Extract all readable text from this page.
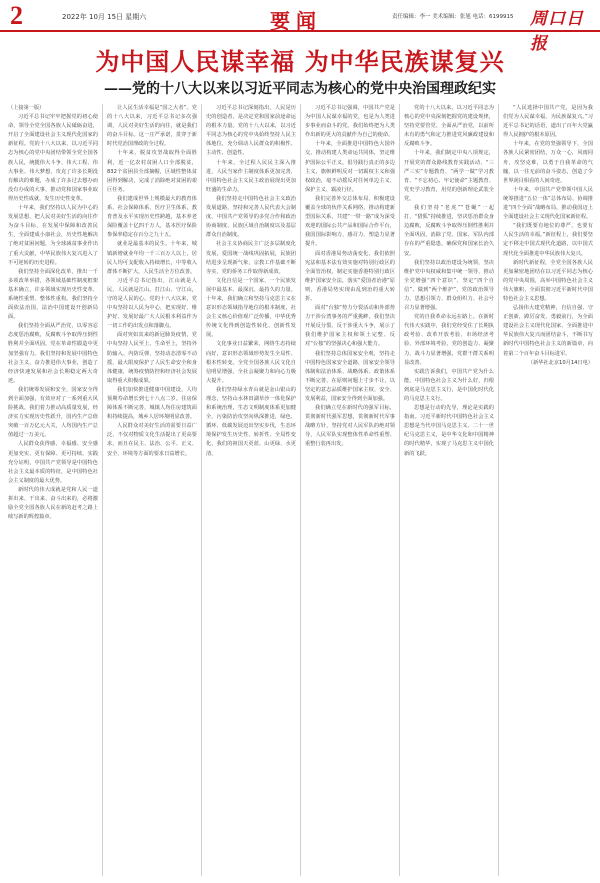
2	2022年 10月 15日 星期六	要闻	责任编辑：李一 美术编辑：张旭 电话：6199915 周口日报
为中国人民谋幸福 为中华民族谋复兴
——党的十八大以来以习近平同志为核心的党中央治国理政纪实

（上接第一版）

习近平总书记牢牢把握党的初心使命，领导全党全国各族人民砥砺奋进，开启了全面建设社会主义现代化国家的新征程。党的十八大以来，以习近平同志为核心的党中央团结带领全党全国各族人民，统揽伟大斗争、伟大工程、伟大事业、伟大梦想，攻克了许多长期没有解决的难题，办成了许多过去想办而没有办成的大事，推动党和国家事业取得历史性成就、发生历史性变革。

十年来，我们坚持以人民为中心的发展思想，把人民对美好生活的向往作为奋斗目标，在发展中保障和改善民生，全面建成小康社会，历史性地解决了绝对贫困问题，为全球减贫事业作出了重大贡献，中华民族伟大复兴进入了不可逆转的历史进程。

我们坚持全面深化改革，推出一千多项改革举措，各领域基础性制度框架基本确立，许多领域实现历史性变革、系统性重塑、整体性重构。我们坚持全面依法治国，法治中国建设开创新局面。

我们坚持全面从严治党，以零容忍态度惩治腐败，反腐败斗争取得压倒性胜利并全面巩固，党在革命性锻造中更加坚强有力。我们坚持和发展中国特色社会主义，奋力推进伟大事业，创造了经济快速发展和社会长期稳定两大奇迹。

我们统筹发展和安全，国家安全得到全面加强，有效应对了一系列重大风险挑战。我们着力推动高质量发展，经济实力实现历史性跃升，国内生产总值突破一百万亿元大关，人均国内生产总值超过一万美元。

人民群众获得感、幸福感、安全感更加充实、更有保障、更可持续。实践充分证明，中国共产党领导是中国特色社会主义最本质的特征，是中国特色社会主义制度的最大优势。

新时代的伟大成就是党和人民一道拼出来、干出来、奋斗出来的，必将激励全党全国各族人民在新的赶考之路上续写新的辉煌篇章。

让人民生活幸福是“国之大者”。党的十八大以来，习近平总书记多次强调，人民对美好生活的向往，就是我们的奋斗目标。这一庄严承诺，贯穿于新时代党治国理政的全过程。

十年来，脱贫攻坚战取得全面胜利，近一亿农村贫困人口全部脱贫，832个贫困县全部摘帽，区域性整体贫困得到解决，完成了消除绝对贫困的艰巨任务。

我们建成世界上规模最大的教育体系、社会保障体系、医疗卫生体系，教育普及水平实现历史性跨越，基本养老保险覆盖十亿四千万人，基本医疗保险参保率稳定在百分之九十五。

就业是最基本的民生。十年来，城镇新增就业年均一千三百万人以上，居民人均可支配收入持续增长，中等收入群体不断扩大，人民生活全方位改善。

习近平总书记指出，江山就是人民，人民就是江山。打江山、守江山，守的是人民的心。党的十八大以来，党中央坚持以人民为中心，把实现好、维护好、发展好最广大人民根本利益作为一切工作的出发点和落脚点。

面对突如其来的新冠肺炎疫情，党中央坚持人民至上、生命至上，坚持外防输入、内防反弹，坚持动态清零不动摇，最大限度保护了人民生命安全和身体健康，统筹疫情防控和经济社会发展取得重大积极成果。

我们加快推进健康中国建设，人均预期寿命增长到七十八点二岁。住房保障体系不断完善，城镇人均住房建筑面积持续提高，城乡人居环境明显改善。

人民群众对美好生活的需要日益广泛，不仅对物质文化生活提出了更高要求，而且在民主、法治、公平、正义、安全、环境等方面的要求日益增长。

习近平总书记深刻指出，人民是历史的创造者，是决定党和国家前途命运的根本力量。党的十八大以来，以习近平同志为核心的党中央始终坚持人民主体地位，充分调动人民群众的积极性、主动性、创造性。

十年来，全过程人民民主深入推进，人民当家作主制度体系更加完善，中国特色社会主义民主政治展现出更加旺盛的生命力。

我们坚持走中国特色社会主义政治发展道路，坚持和完善人民代表大会制度、中国共产党领导的多党合作和政治协商制度、民族区域自治制度以及基层群众自治制度。

社会主义协商民主广泛多层制度化发展，爱国统一战线巩固拓展，民族团结进步呈现新气象，宗教工作基础不断夯实，党的侨务工作取得新成效。

文化自信是一个国家、一个民族发展中最基本、最深沉、最持久的力量。十年来，我们确立和坚持马克思主义在意识形态领域指导地位的根本制度，社会主义核心价值观广泛传播，中华优秀传统文化得到创造性转化、创新性发展。

文化事业日益繁荣，网络生态持续向好，意识形态领域形势发生全局性、根本性转变。全党全国各族人民文化自信明显增强，全社会凝聚力和向心力极大提升。

我们坚持绿水青山就是金山银山的理念，坚持山水林田湖草沙一体化保护和系统治理，生态文明制度体系更加健全，污染防治攻坚向纵深推进，绿色、循环、低碳发展迈出坚实步伐，生态环境保护发生历史性、转折性、全局性变化，我们的祖国天更蓝、山更绿、水更清。

习近平总书记强调，中国共产党是为中国人民谋幸福的党，也是为人类进步事业而奋斗的党。我们始终把为人类作出新的更大的贡献作为自己的使命。

十年来，全面推进中国特色大国外交，推动构建人类命运共同体，坚定维护国际公平正义，倡导践行真正的多边主义，旗帜鲜明反对一切霸权主义和强权政治，毫不动摇反对任何单边主义、保护主义、霸凌行径。

我们完善外交总体布局，积极建设覆盖全球的伙伴关系网络，推动构建新型国际关系，共建“一带一路”成为深受欢迎的国际公共产品和国际合作平台，我国国际影响力、感召力、塑造力显著提升。

面对香港局势动荡变化，我们依照宪法和基本法有效实施对特别行政区的全面管治权，制定实施香港特别行政区维护国家安全法，落实“爱国者治港”原则，香港局势实现由乱到治的重大转折。

面对“台独”势力分裂活动和外部势力干涉台湾事务的严重挑衅，我们坚决开展反分裂、反干涉重大斗争，展示了我们维护国家主权和领土完整、反对“台独”的坚强决心和强大能力。

我们坚持总体国家安全观，坚持走中国特色国家安全道路，国家安全领导体制和法治体系、战略体系、政策体系不断完善，在原则问题上寸步不让，以坚定的意志品质维护国家主权、安全、发展利益，国家安全得到全面加强。

我们确立党在新时代的强军目标，贯彻新时代强军思想，贯彻新时代军事战略方针，坚持党对人民军队的绝对领导，人民军队实现整体性革命性重塑、重整行装再出发。

党的十八大以来，以习近平同志为核心的党中央深刻把握党的建设规律，坚持党要管党、全面从严治党，以前所未有的勇气和定力推进党风廉政建设和反腐败斗争。

十年来，我们制定中央八项规定，开展党的群众路线教育实践活动、“三严三实”专题教育、“两学一做”学习教育、“不忘初心、牢记使命”主题教育、党史学习教育，用党的创新理论武装全党。

我们坚持“老虎”“苍蝇”一起打，“猎狐”持续推进，坚决惩治群众身边腐败，反腐败斗争取得压倒性胜利并全面巩固，消除了党、国家、军队内部存在的严重隐患，确保党和国家长治久安。

我们坚持以政治建设为统领，坚决维护党中央权威和集中统一领导，推动全党增强“四个意识”、坚定“四个自信”、做到“两个维护”，党的政治领导力、思想引领力、群众组织力、社会号召力显著增强。

党的自我革命永远在路上。在新时代伟大实践中，我们党经受住了长期执政考验、改革开放考验、市场经济考验、外部环境考验，党的创造力、凝聚力、战斗力显著增强，党群干群关系明显改善。

实践告诉我们，中国共产党为什么能，中国特色社会主义为什么好，归根到底是马克思主义行，是中国化时代化的马克思主义行。

思想是行动的先导，理论是实践的指南。习近平新时代中国特色社会主义思想是当代中国马克思主义、二十一世纪马克思主义，是中华文化和中国精神的时代精华，实现了马克思主义中国化新的飞跃。

“人民选择中国共产党，是因为我们党为人民谋幸福、为民族谋复兴。”习近平总书记的话语，道出了百年大党赢得人民拥护的根本原因。

十年来，在党的坚强领导下，全国各族人民紧密团结，万众一心，风雨同舟，攻坚克难，以勇于自我革命的气魄，以一往无前的奋斗姿态，创造了令世界刮目相看的人间奇迹。

十年来，中国共产党带领中国人民统筹推进“五位一体”总体布局、协调推进“四个全面”战略布局，推动我国迈上全面建设社会主义现代化国家新征程。

“我们既要有地位的尊严，也要有人民生活的幸福。”新征程上，我们要坚定不移走中国式现代化道路，以中国式现代化全面推进中华民族伟大复兴。

新时代新征程，全党全国各族人民更加紧密地团结在以习近平同志为核心的党中央周围，高举中国特色社会主义伟大旗帜，全面贯彻习近平新时代中国特色社会主义思想。

弘扬伟大建党精神，自信自强、守正创新，踔厉奋发、勇毅前行，为全面建设社会主义现代化国家、全面推进中华民族伟大复兴而团结奋斗，不断书写新时代中国特色社会主义的新篇章，向着第二个百年奋斗目标进军。

（新华社北京10月14日电）
